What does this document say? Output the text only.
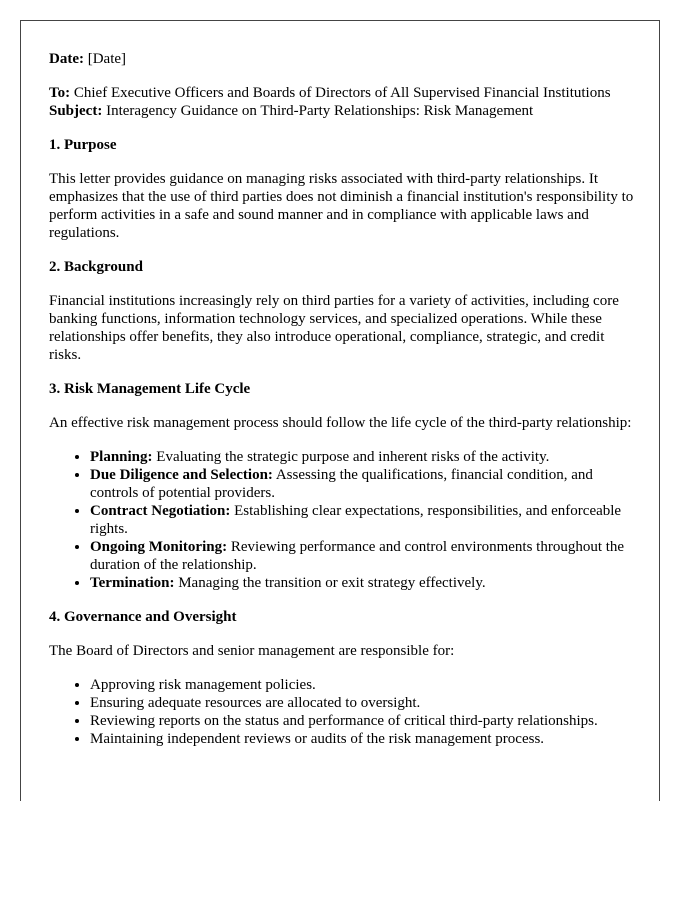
Date: [Date]

To: Chief Executive Officers and Boards of Directors of All Supervised Financial Institutions

Subject: Interagency Guidance on Third-Party Relationships: Risk Management

1. Purpose

This letter provides guidance on managing risks associated with third-party relationships. It emphasizes that the use of third parties does not diminish a financial institution's responsibility to perform activities in a safe and sound manner and in compliance with applicable laws and regulations.

2. Background

Financial institutions increasingly rely on third parties for a variety of activities, including core banking functions, information technology services, and specialized operations. While these relationships offer benefits, they also introduce operational, compliance, strategic, and credit risks.

3. Risk Management Life Cycle

An effective risk management process should follow the life cycle of the third-party relationship:

• Planning: Evaluating the strategic purpose and inherent risks of the activity.
• Due Diligence and Selection: Assessing the qualifications, financial condition, and controls of potential providers.
• Contract Negotiation: Establishing clear expectations, responsibilities, and enforceable rights.
• Ongoing Monitoring: Reviewing performance and control environments throughout the duration of the relationship.
• Termination: Managing the transition or exit strategy effectively.

4. Governance and Oversight

The Board of Directors and senior management are responsible for:

• Approving risk management policies.
• Ensuring adequate resources are allocated to oversight.
• Reviewing reports on the status and performance of critical third-party relationships.
• Maintaining independent reviews or audits of the risk management process.
